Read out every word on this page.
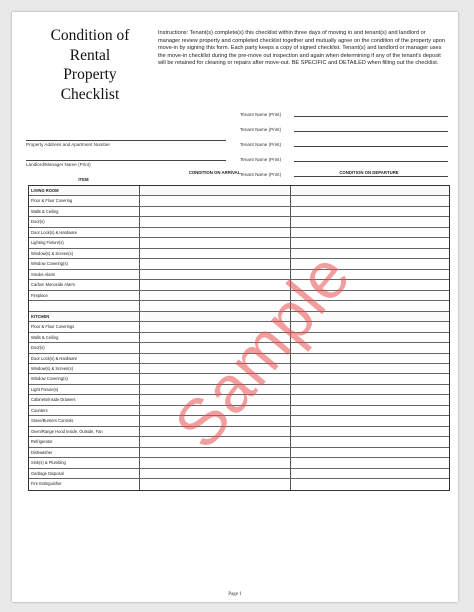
Condition of
Rental
Property
Checklist
Instructions: Tenant(s) complete(s) this checklist within three days of moving in and tenant(s) and landlord or manager review property and completed checklist together and mutually agree on the condition of the property upon move-in by signing this form. Each party keeps a copy of signed checklist. Tenant(s) and landlord or manager uses the move-in checklist during the pre-move out inspection and again when determining if any of the tenant's deposit will be retained for cleaning or repairs after move-out. BE SPECIFIC and DETAILED when filling out the checklist.
Tenant Name (Print)
Tenant Name (Print)
Tenant Name (Print)
Tenant Name (Print)
Tenant Name (Print)
Property Address and Apartment Number
Landlord/Manager Name (Print)
ITEM
CONDITION ON ARRIVAL	CONDITION ON DEPARTURE
LIVING ROOM
Floor & Floor Covering
Walls & Ceiling
Door(s)
Door Lock(s) & Hardware
Lighting Fixture(s)
Window(s) & Screen(s)
Window Covering(s)
Smoke Alarm
Carbon Monoxide Alarm
Fireplace
KITCHEN
Floor & Floor Coverings
Walls & Ceiling
Door(s)
Door Lock(s) & Hardware
Window(s) & Screen(s)
Window Covering(s)
Light Fixture(s)
Cabinets/Inside Drawers
Counters
Stove/Burners Controls
Oven/Range Hood Inside, Outside, Fan
Refrigerator
Dishwasher
Sink(s) & Plumbing
Garbage Disposal
Fire Extinguisher
Sample
Page 1
